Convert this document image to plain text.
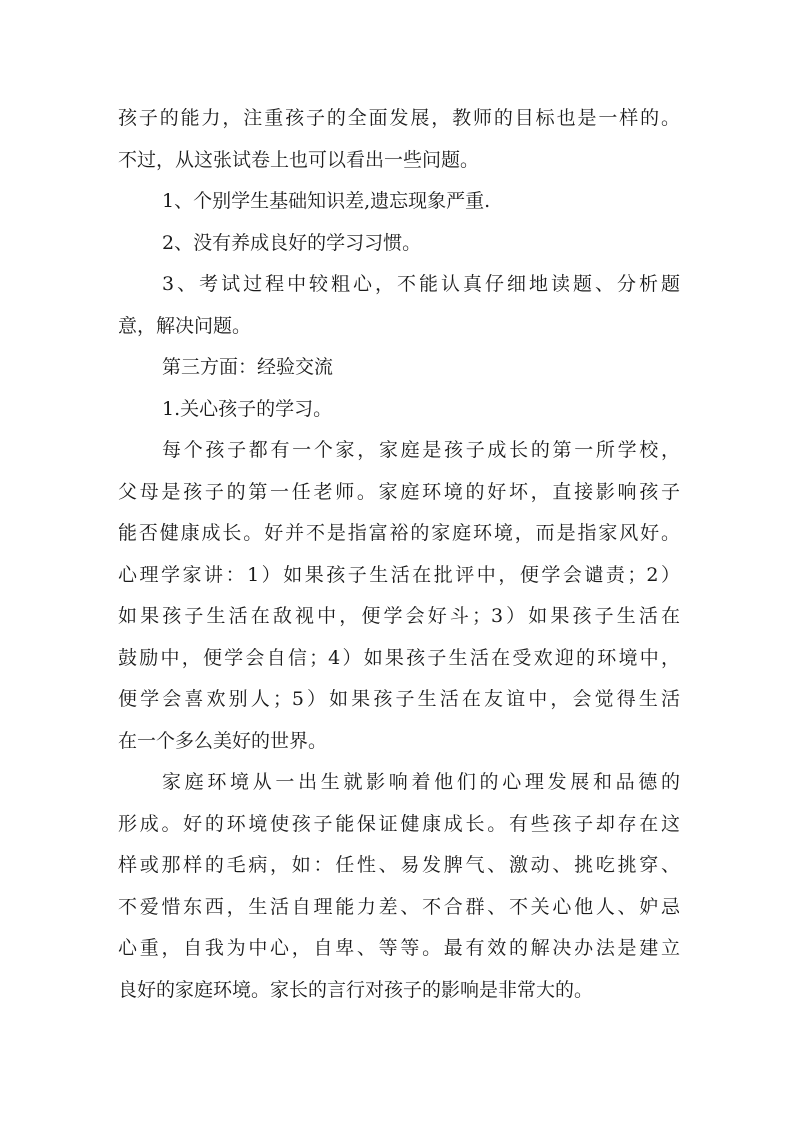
孩子的能力，注重孩子的全面发展，教师的目标也是一样的。
不过，从这张试卷上也可以看出一些问题。
1、个别学生基础知识差,遗忘现象严重.
2、没有养成良好的学习习惯。
3、考试过程中较粗心，不能认真仔细地读题、分析题
意，解决问题。
第三方面：经验交流
1.关心孩子的学习。
每个孩子都有一个家，家庭是孩子成长的第一所学校，
父母是孩子的第一任老师。家庭环境的好坏，直接影响孩子
能否健康成长。好并不是指富裕的家庭环境，而是指家风好。
心理学家讲：1）如果孩子生活在批评中，便学会谴责；2）
如果孩子生活在敌视中，便学会好斗；3）如果孩子生活在
鼓励中，便学会自信；4）如果孩子生活在受欢迎的环境中，
便学会喜欢别人；5）如果孩子生活在友谊中，会觉得生活
在一个多么美好的世界。
家庭环境从一出生就影响着他们的心理发展和品德的
形成。好的环境使孩子能保证健康成长。有些孩子却存在这
样或那样的毛病，如：任性、易发脾气、激动、挑吃挑穿、
不爱惜东西，生活自理能力差、不合群、不关心他人、妒忌
心重，自我为中心，自卑、等等。最有效的解决办法是建立
良好的家庭环境。家长的言行对孩子的影响是非常大的。
